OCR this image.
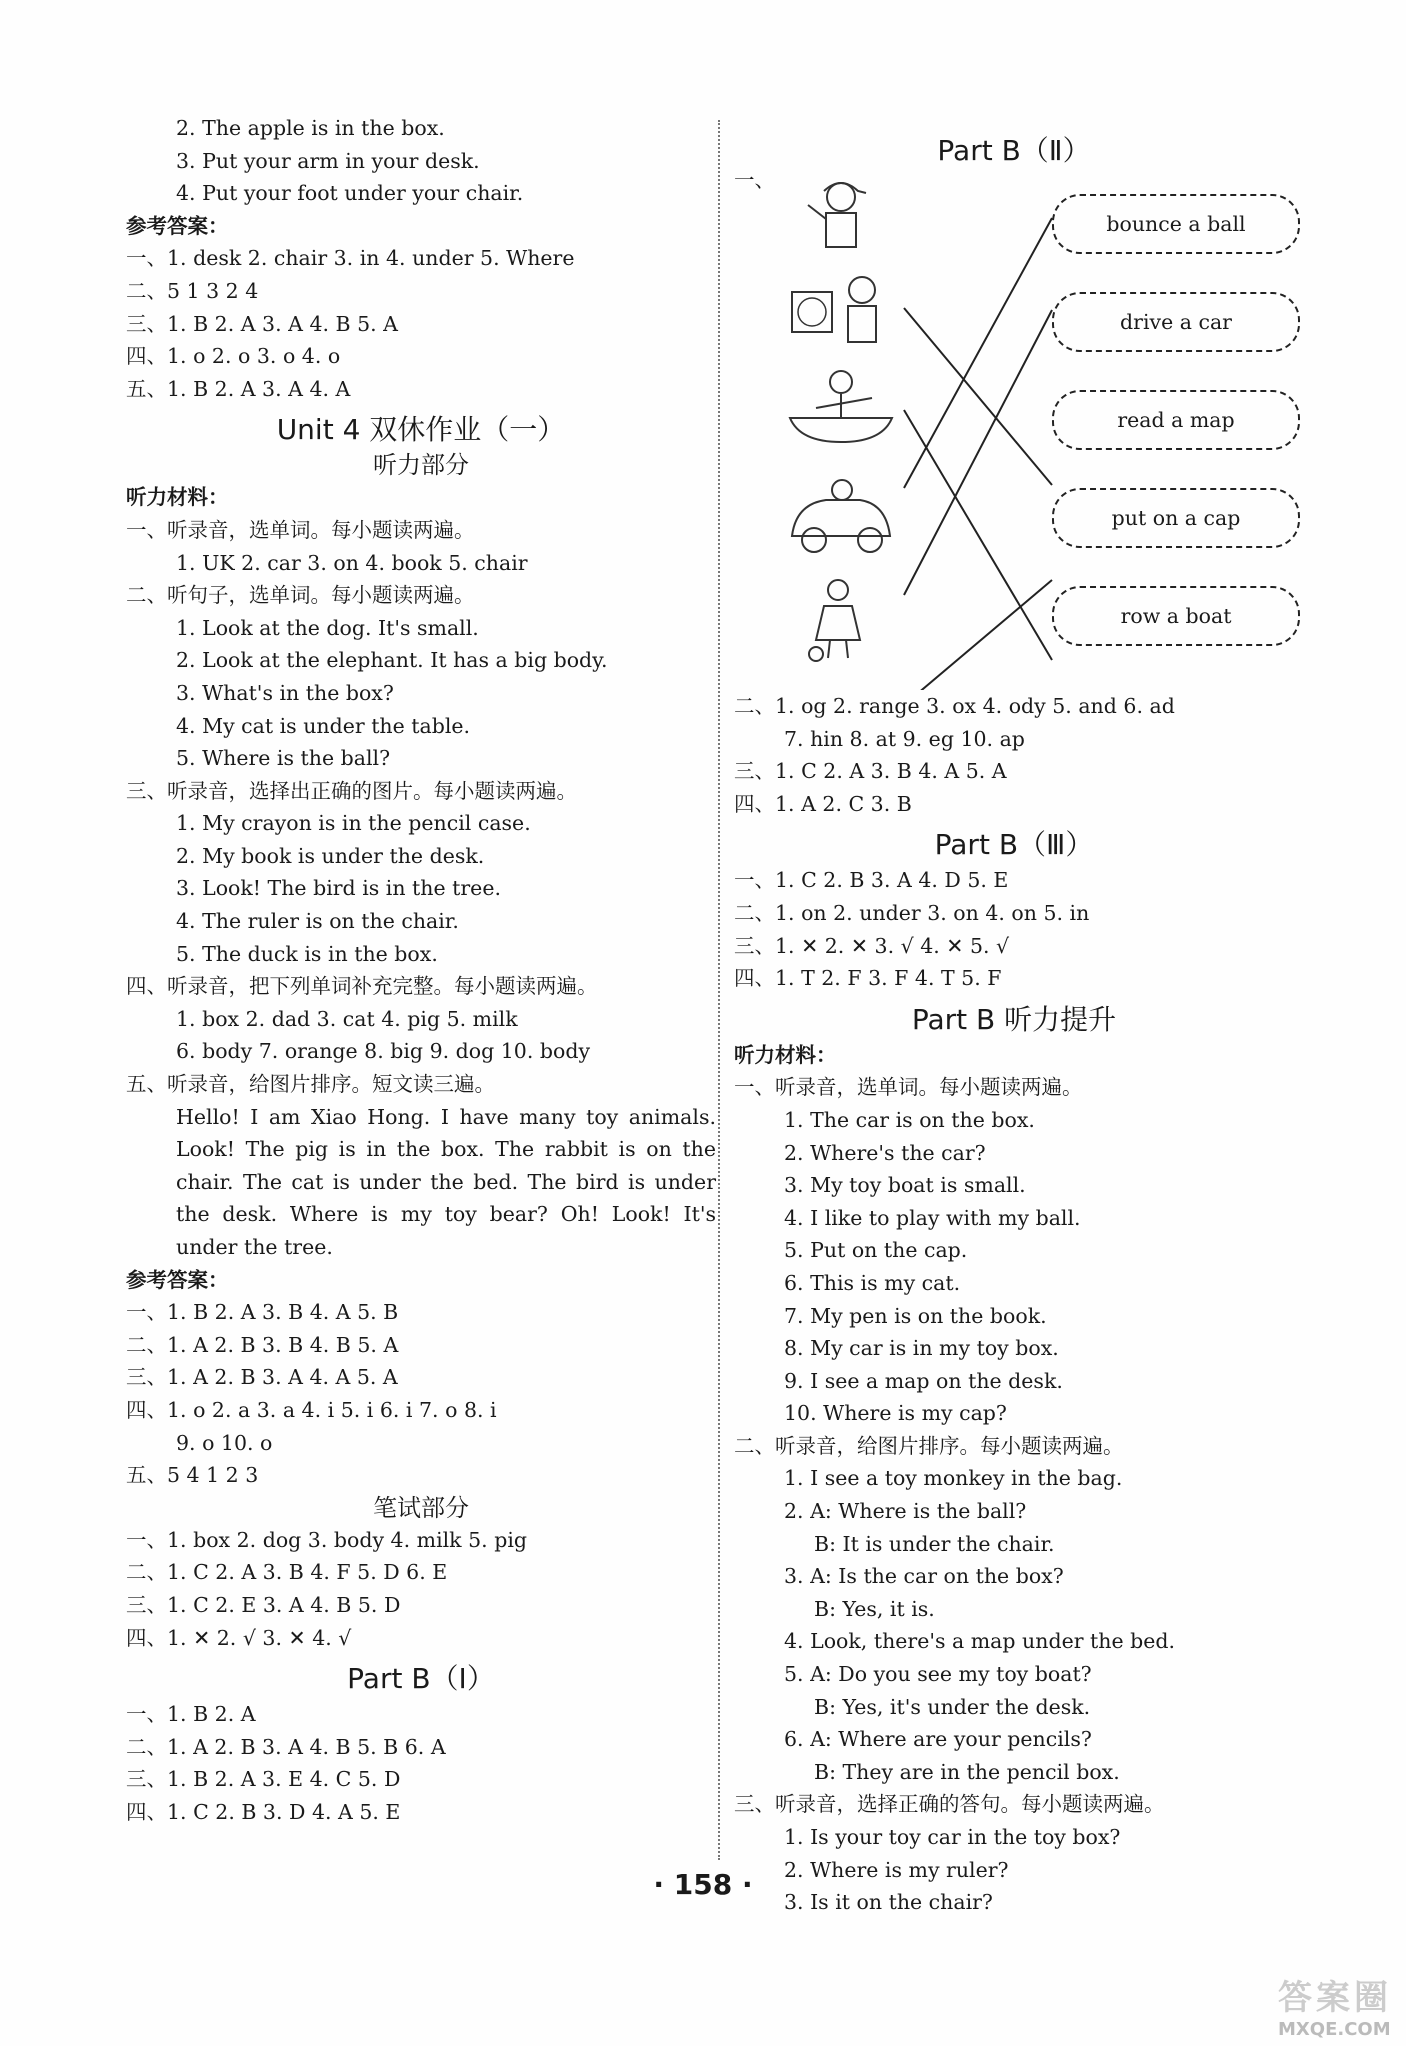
2. The apple is in the box.
3. Put your arm in your desk.
4. Put your foot under your chair.
参考答案：
一、1. desk 2. chair 3. in 4. under 5. Where
二、5 1 3 2 4
三、1. B 2. A 3. A 4. B 5. A
四、1. o 2. o 3. o 4. o
五、1. B 2. A 3. A 4. A
Unit 4 双休作业（一）
听力部分
听力材料：
一、听录音，选单词。每小题读两遍。
1. UK 2. car 3. on 4. book 5. chair
二、听句子，选单词。每小题读两遍。
1. Look at the dog. It's small.
2. Look at the elephant. It has a big body.
3. What's in the box?
4. My cat is under the table.
5. Where is the ball?
三、听录音，选择出正确的图片。每小题读两遍。
1. My crayon is in the pencil case.
2. My book is under the desk.
3. Look! The bird is in the tree.
4. The ruler is on the chair.
5. The duck is in the box.
四、听录音，把下列单词补充完整。每小题读两遍。
1. box 2. dad 3. cat 4. pig 5. milk
6. body 7. orange 8. big 9. dog 10. body
五、听录音，给图片排序。短文读三遍。
Hello! I am Xiao Hong. I have many toy animals. Look! The pig is in the box. The rabbit is on the chair. The cat is under the bed. The bird is under the desk. Where is my toy bear? Oh! Look! It's under the tree.
参考答案：
一、1. B 2. A 3. B 4. A 5. B
二、1. A 2. B 3. B 4. B 5. A
三、1. A 2. B 3. A 4. A 5. A
四、1. o 2. a 3. a 4. i 5. i 6. i 7. o 8. i
9. o 10. o
五、5 4 1 2 3
笔试部分
一、1. box 2. dog 3. body 4. milk 5. pig
二、1. C 2. A 3. B 4. F 5. D 6. E
三、1. C 2. E 3. A 4. B 5. D
四、1. ✕ 2. √ 3. ✕ 4. √
Part B（Ⅰ）
一、1. B 2. A
二、1. A 2. B 3. A 4. B 5. B 6. A
三、1. B 2. A 3. E 4. C 5. D
四、1. C 2. B 3. D 4. A 5. E
Part B（Ⅱ）
一、
bounce a ball
drive a car
read a map
put on a cap
row a boat
二、1. og 2. range 3. ox 4. ody 5. and 6. ad
7. hin 8. at 9. eg 10. ap
三、1. C 2. A 3. B 4. A 5. A
四、1. A 2. C 3. B
Part B（Ⅲ）
一、1. C 2. B 3. A 4. D 5. E
二、1. on 2. under 3. on 4. on 5. in
三、1. ✕ 2. ✕ 3. √ 4. ✕ 5. √
四、1. T 2. F 3. F 4. T 5. F
Part B 听力提升
听力材料：
一、听录音，选单词。每小题读两遍。
1. The car is on the box.
2. Where's the car?
3. My toy boat is small.
4. I like to play with my ball.
5. Put on the cap.
6. This is my cat.
7. My pen is on the book.
8. My car is in my toy box.
9. I see a map on the desk.
10. Where is my cap?
二、听录音，给图片排序。每小题读两遍。
1. I see a toy monkey in the bag.
2. A: Where is the ball?
B: It is under the chair.
3. A: Is the car on the box?
B: Yes, it is.
4. Look, there's a map under the bed.
5. A: Do you see my toy boat?
B: Yes, it's under the desk.
6. A: Where are your pencils?
B: They are in the pencil box.
三、听录音，选择正确的答句。每小题读两遍。
1. Is your toy car in the toy box?
2. Where is my ruler?
3. Is it on the chair?
· 158 ·
答案圈
MXQE.COM
